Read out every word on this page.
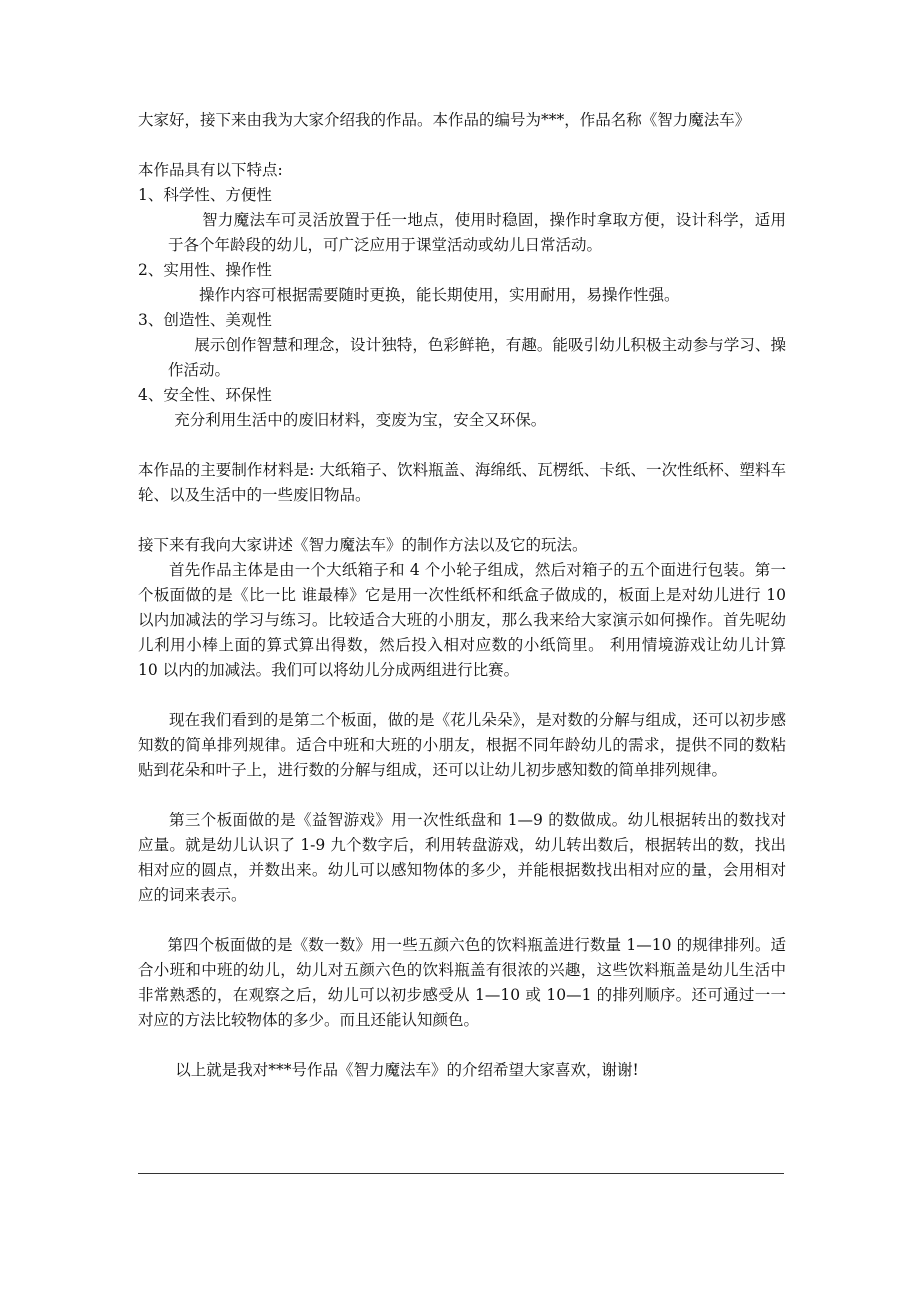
大家好，接下来由我为大家介绍我的作品。本作品的编号为***，作品名称《智力魔法车》

本作品具有以下特点:

1、科学性、方便性

智力魔法车可灵活放置于任一地点，使用时稳固，操作时拿取方便，设计科学，适用于各个年龄段的幼儿，可广泛应用于课堂活动或幼儿日常活动。

2、实用性、操作性

操作内容可根据需要随时更换，能长期使用，实用耐用，易操作性强。

3、创造性、美观性

展示创作智慧和理念，设计独特，色彩鲜艳，有趣。能吸引幼儿积极主动参与学习、操作活动。

4、安全性、环保性

充分利用生活中的废旧材料，变废为宝，安全又环保。

本作品的主要制作材料是: 大纸箱子、饮料瓶盖、海绵纸、瓦楞纸、卡纸、一次性纸杯、塑料车轮、以及生活中的一些废旧物品。

接下来有我向大家讲述《智力魔法车》的制作方法以及它的玩法。

首先作品主体是由一个大纸箱子和 4 个小轮子组成，然后对箱子的五个面进行包装。第一个板面做的是《比一比 谁最棒》它是用一次性纸杯和纸盒子做成的，板面上是对幼儿进行 10 以内加减法的学习与练习。比较适合大班的小朋友，那么我来给大家演示如何操作。首先呢幼儿利用小棒上面的算式算出得数，然后投入相对应数的小纸筒里。 利用情境游戏让幼儿计算 10 以内的加减法。我们可以将幼儿分成两组进行比赛。

现在我们看到的是第二个板面，做的是《花儿朵朵》，是对数的分解与组成，还可以初步感知数的简单排列规律。适合中班和大班的小朋友，根据不同年龄幼儿的需求，提供不同的数粘贴到花朵和叶子上，进行数的分解与组成，还可以让幼儿初步感知数的简单排列规律。

第三个板面做的是《益智游戏》用一次性纸盘和 1—9 的数做成。幼儿根据转出的数找对应量。就是幼儿认识了 1-9 九个数字后，利用转盘游戏，幼儿转出数后，根据转出的数，找出相对应的圆点，并数出来。幼儿可以感知物体的多少，并能根据数找出相对应的量，会用相对应的词来表示。

第四个板面做的是《数一数》用一些五颜六色的饮料瓶盖进行数量 1—10 的规律排列。适合小班和中班的幼儿，幼儿对五颜六色的饮料瓶盖有很浓的兴趣，这些饮料瓶盖是幼儿生活中非常熟悉的，在观察之后，幼儿可以初步感受从 1—10 或 10—1 的排列顺序。还可通过一一对应的方法比较物体的多少。而且还能认知颜色。

以上就是我对***号作品《智力魔法车》的介绍希望大家喜欢，谢谢!
